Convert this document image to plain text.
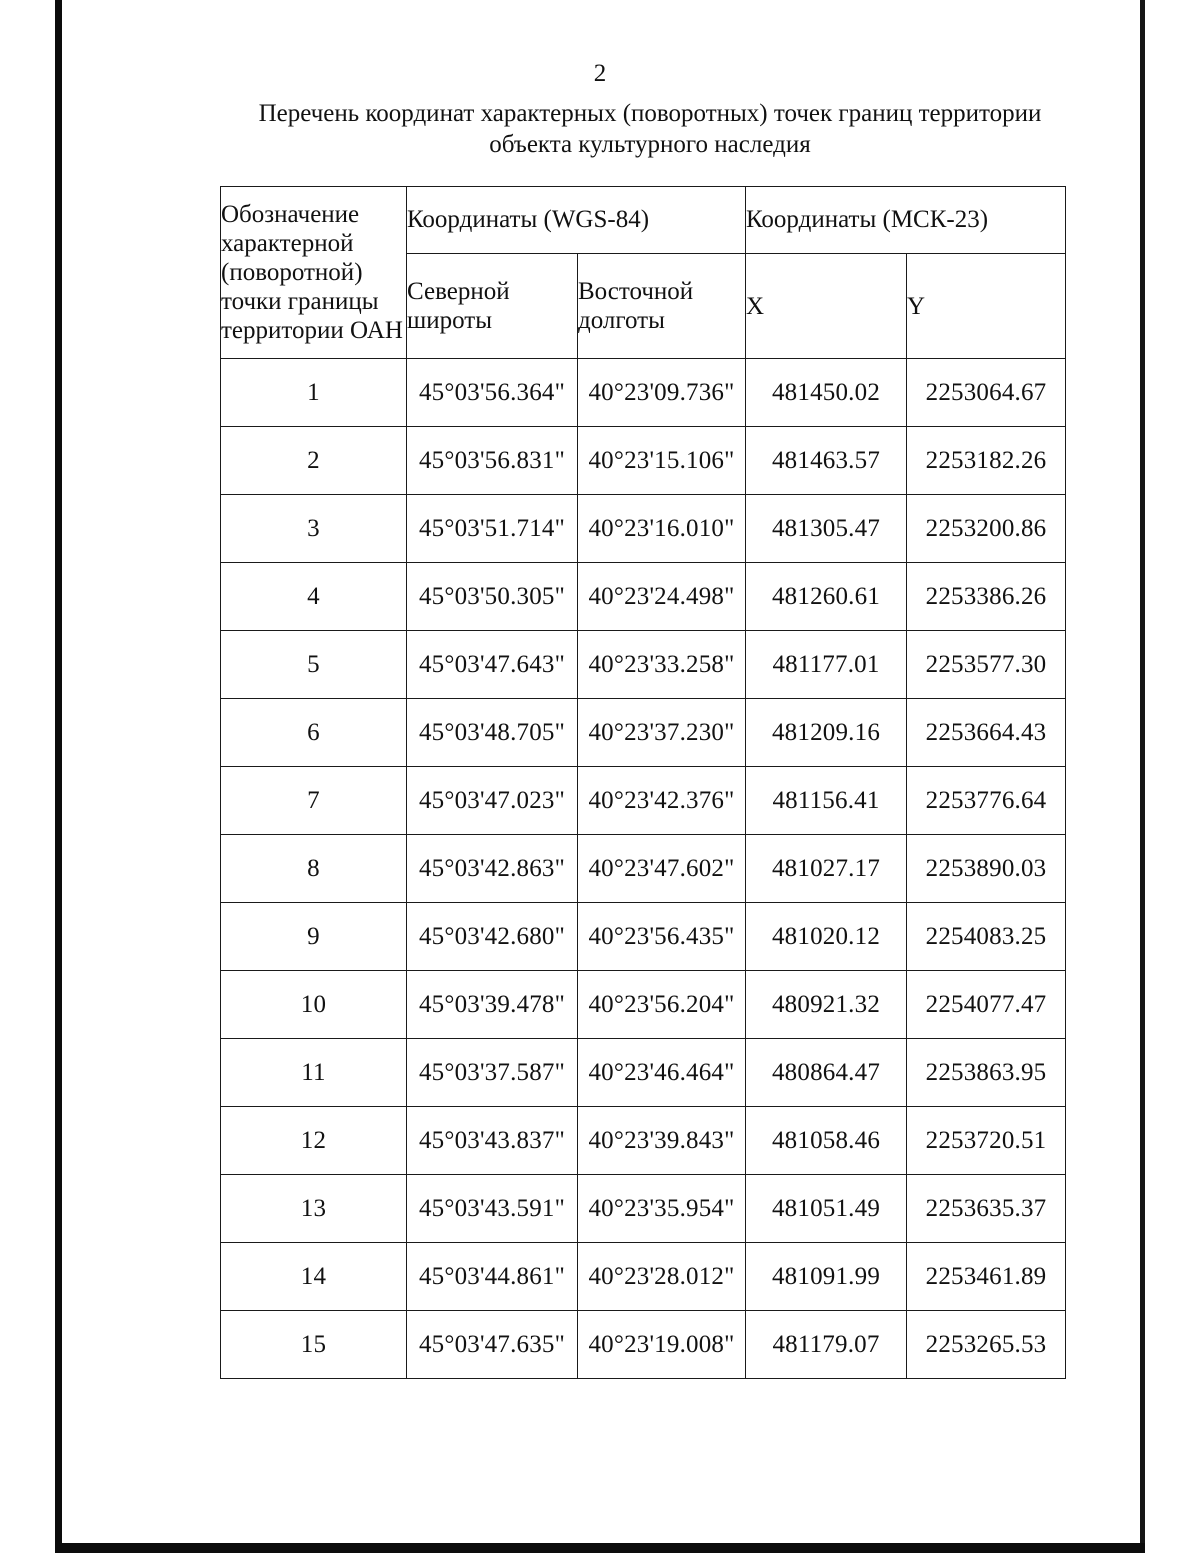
2
Перечень координат характерных (поворотных) точек границ территории
объекта культурного наследия
Обозначение характерной (поворотной) точки границы территории ОАН	Координаты (WGS-84)		Координаты (МСК-23)	
	Северной широты	Восточной долготы	X	Y
1	45°03'56.364"	40°23'09.736"	481450.02	2253064.67
2	45°03'56.831"	40°23'15.106"	481463.57	2253182.26
3	45°03'51.714"	40°23'16.010"	481305.47	2253200.86
4	45°03'50.305"	40°23'24.498"	481260.61	2253386.26
5	45°03'47.643"	40°23'33.258"	481177.01	2253577.30
6	45°03'48.705"	40°23'37.230"	481209.16	2253664.43
7	45°03'47.023"	40°23'42.376"	481156.41	2253776.64
8	45°03'42.863"	40°23'47.602"	481027.17	2253890.03
9	45°03'42.680"	40°23'56.435"	481020.12	2254083.25
10	45°03'39.478"	40°23'56.204"	480921.32	2254077.47
11	45°03'37.587"	40°23'46.464"	480864.47	2253863.95
12	45°03'43.837"	40°23'39.843"	481058.46	2253720.51
13	45°03'43.591"	40°23'35.954"	481051.49	2253635.37
14	45°03'44.861"	40°23'28.012"	481091.99	2253461.89
15	45°03'47.635"	40°23'19.008"	481179.07	2253265.53
